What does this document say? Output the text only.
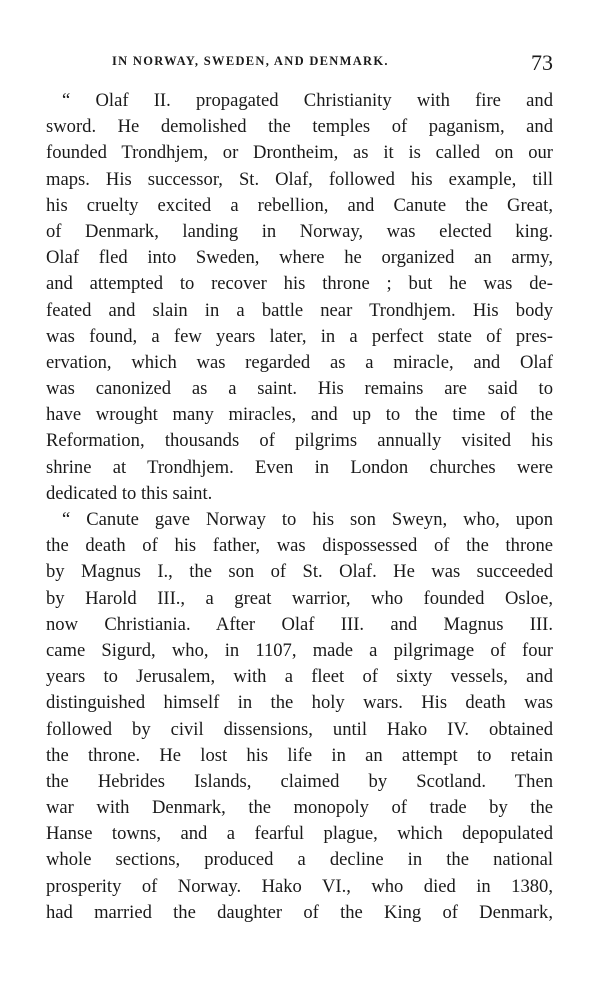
IN NORWAY, SWEDEN, AND DENMARK.	73
“ Olaf II. propagated Christianity with fire and
sword. He demolished the temples of paganism, and
founded Trondhjem, or Drontheim, as it is called on our
maps. His successor, St. Olaf, followed his example, till
his cruelty excited a rebellion, and Canute the Great,
of Denmark, landing in Norway, was elected king.
Olaf fled into Sweden, where he organized an army,
and attempted to recover his throne ; but he was de-
feated and slain in a battle near Trondhjem. His body
was found, a few years later, in a perfect state of pres-
ervation, which was regarded as a miracle, and Olaf
was canonized as a saint. His remains are said to
have wrought many miracles, and up to the time of the
Reformation, thousands of pilgrims annually visited his
shrine at Trondhjem. Even in London churches were
dedicated to this saint.
“ Canute gave Norway to his son Sweyn, who, upon
the death of his father, was dispossessed of the throne
by Magnus I., the son of St. Olaf. He was succeeded
by Harold III., a great warrior, who founded Osloe,
now Christiania. After Olaf III. and Magnus III.
came Sigurd, who, in 1107, made a pilgrimage of four
years to Jerusalem, with a fleet of sixty vessels, and
distinguished himself in the holy wars. His death was
followed by civil dissensions, until Hako IV. obtained
the throne. He lost his life in an attempt to retain
the Hebrides Islands, claimed by Scotland. Then
war with Denmark, the monopoly of trade by the
Hanse towns, and a fearful plague, which depopulated
whole sections, produced a decline in the national
prosperity of Norway. Hako VI., who died in 1380,
had married the daughter of the King of Denmark,
